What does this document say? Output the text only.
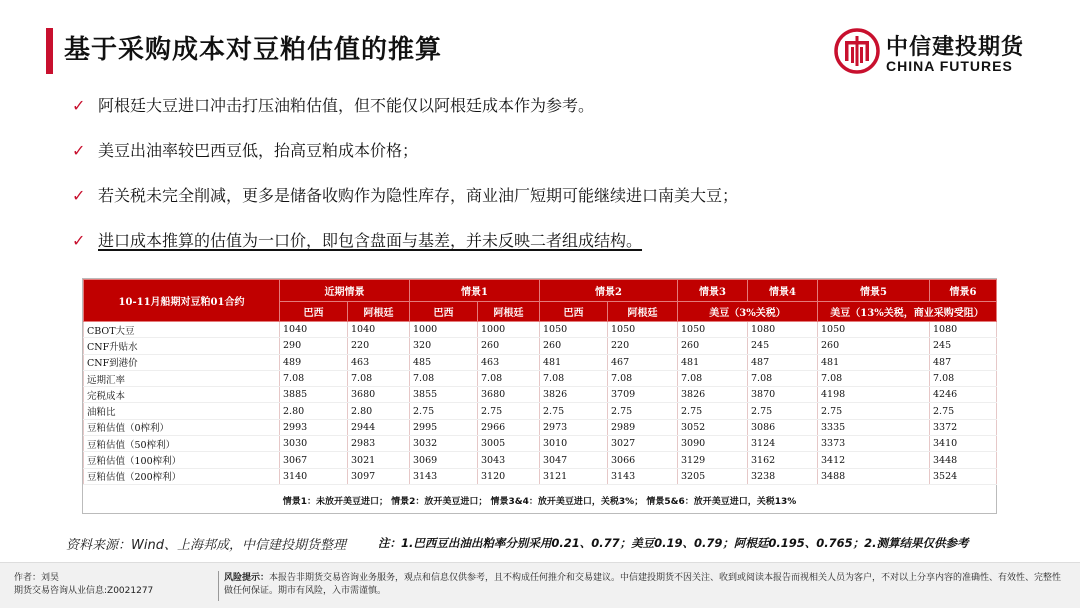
基于采购成本对豆粕估值的推算	中信建投期货
CHINA FUTURES
✓ 阿根廷大豆进口冲击打压油粕估值，但不能仅以阿根廷成本作为参考。
✓ 美豆出油率较巴西豆低，抬高豆粕成本价格；
✓ 若关税未完全削减，更多是储备收购作为隐性库存，商业油厂短期可能继续进口南美大豆；
✓ 进口成本推算的估值为一口价，即包含盘面与基差，并未反映二者组成结构。
10-11月船期对豆粕01合约	近期情景		情景1		情景2		情景3	情景4	情景5	情景6
	巴西	阿根廷	巴西	阿根廷	巴西	阿根廷	美豆（3%关税）		美豆（13%关税，商业采购受阻）	
CBOT大豆	1040	1040	1000	1000	1050	1050	1050	1080	1050	1080
CNF升贴水	290	220	320	260	260	220	260	245	260	245
CNF到港价	489	463	485	463	481	467	481	487	481	487
远期汇率	7.08	7.08	7.08	7.08	7.08	7.08	7.08	7.08	7.08	7.08
完税成本	3885	3680	3855	3680	3826	3709	3826	3870	4198	4246
油粕比	2.80	2.80	2.75	2.75	2.75	2.75	2.75	2.75	2.75	2.75
豆粕估值（0榨利）	2993	2944	2995	2966	2973	2989	3052	3086	3335	3372
豆粕估值（50榨利）	3030	2983	3032	3005	3010	3027	3090	3124	3373	3410
豆粕估值（100榨利）	3067	3021	3069	3043	3047	3066	3129	3162	3412	3448
豆粕估值（200榨利）	3140	3097	3143	3120	3121	3143	3205	3238	3488	3524
情景1：未放开美豆进口； 情景2：放开美豆进口； 情景3&4：放开美豆进口，关税3%； 情景5&6：放开美豆进口，关税13%
资料来源：Wind、上海邦成，中信建投期货整理	注：1.巴西豆出油出粕率分别采用0.21、0.77；美豆0.19、0.79；阿根廷0.195、0.765；2.测算结果仅供参考
作者：刘昊
期货交易咨询从业信息:Z0021277
风险提示：本报告非期货交易咨询业务服务，观点和信息仅供参考，且不构成任何推介和交易建议。中信建投期货不因关注、收到或阅读本报告而视相关人员为客户，不对以上分享内容的准确性、有效性、完整性做任何保证。期市有风险，入市需谨慎。
